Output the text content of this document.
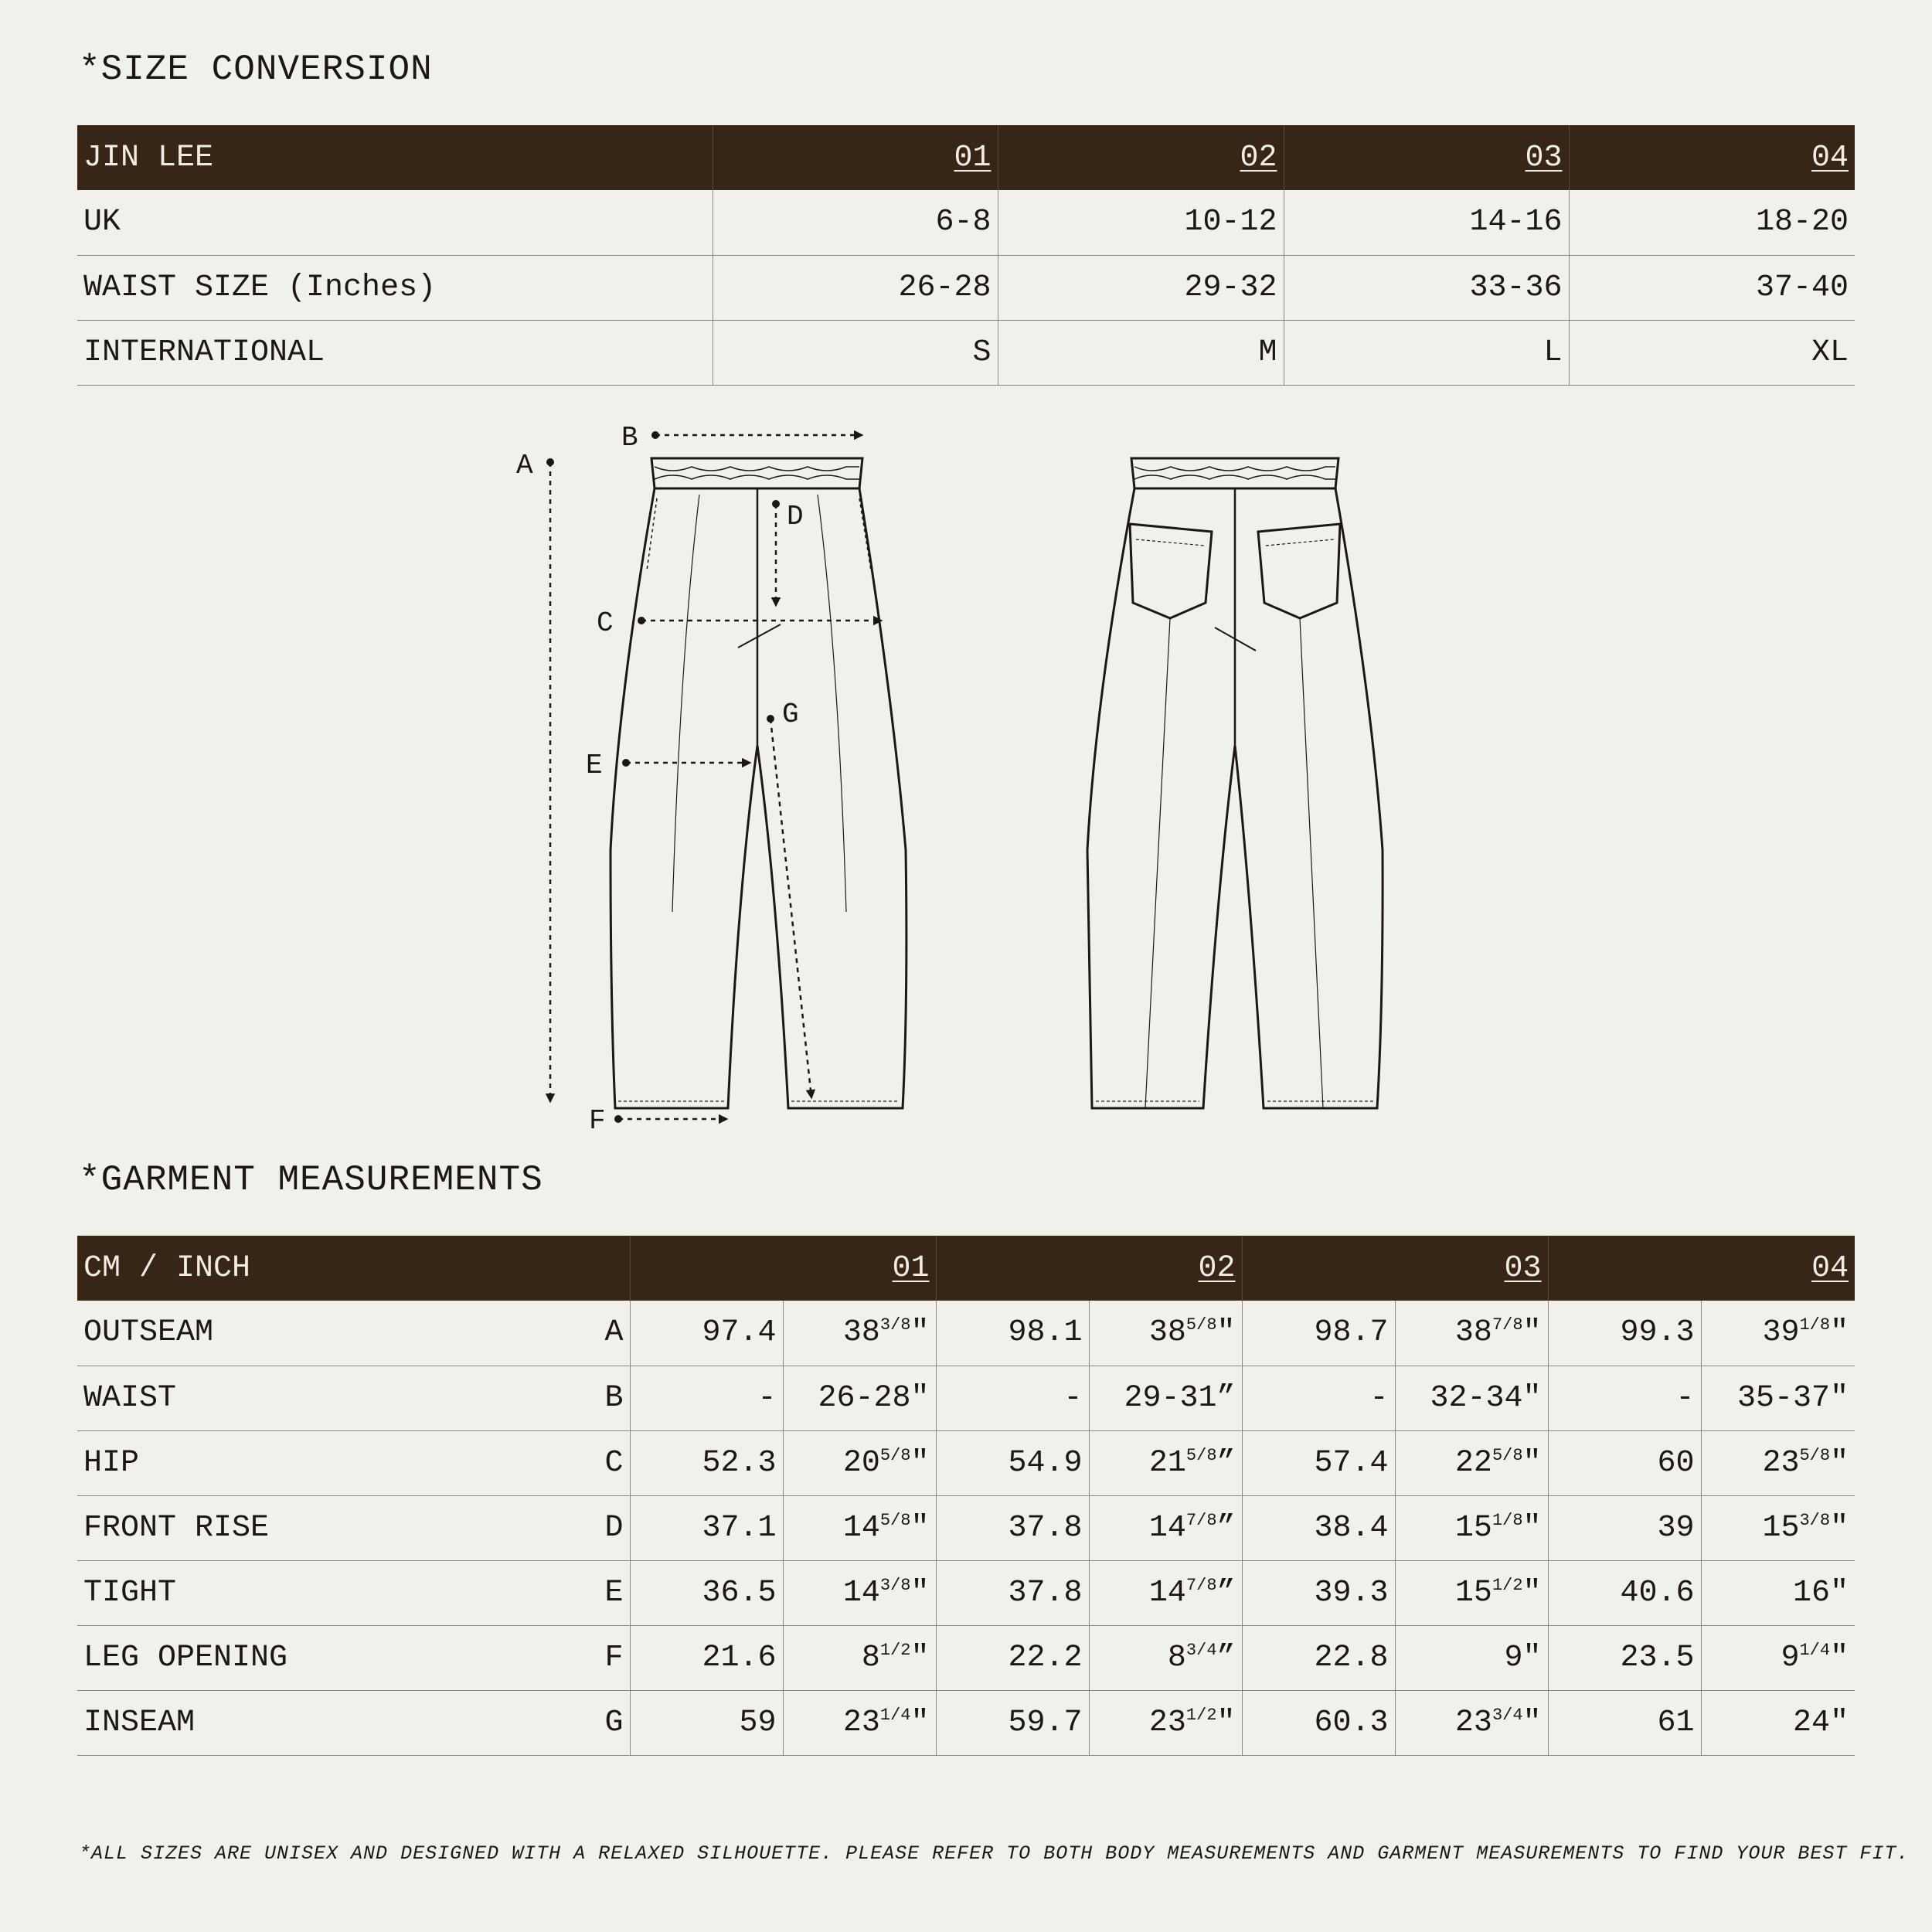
*SIZE CONVERSION
JIN LEE	01	02	03	04
UK	6-8	10-12	14-16	18-20
WAIST SIZE (Inches)	26-28	29-32	33-36	37-40
INTERNATIONAL	S	M	L	XL
A
B
C
D
E
F
G
*GARMENT MEASUREMENTS
CM / INCH		01		02		03		04	
OUTSEAM	A	97.4	$38^{3/8}$"	98.1	$38^{5/8}$"	98.7	$38^{7/8}$"	99.3	$39^{1/8}$"
WAIST	B	-	26-28"	-	29-31”	-	32-34"	-	35-37"
HIP	C	52.3	$20^{5/8}$"	54.9	$21^{5/8}$”	57.4	$22^{5/8}$"	60	$23^{5/8}$"
FRONT RISE	D	37.1	$14^{5/8}$"	37.8	$14^{7/8}$”	38.4	$15^{1/8}$"	39	$15^{3/8}$"
TIGHT	E	36.5	$14^{3/8}$"	37.8	$14^{7/8}$”	39.3	$15^{1/2}$"	40.6	16"
LEG OPENING	F	21.6	$8^{1/2}$"	22.2	$8^{3/4}$”	22.8	9"	23.5	$9^{1/4}$"
INSEAM	G	59	$23^{1/4}$"	59.7	$23^{1/2}$"	60.3	$23^{3/4}$"	61	24"
*ALL SIZES ARE UNISEX AND DESIGNED WITH A RELAXED SILHOUETTE. PLEASE REFER TO BOTH BODY MEASUREMENTS AND GARMENT MEASUREMENTS TO FIND YOUR BEST FIT.
